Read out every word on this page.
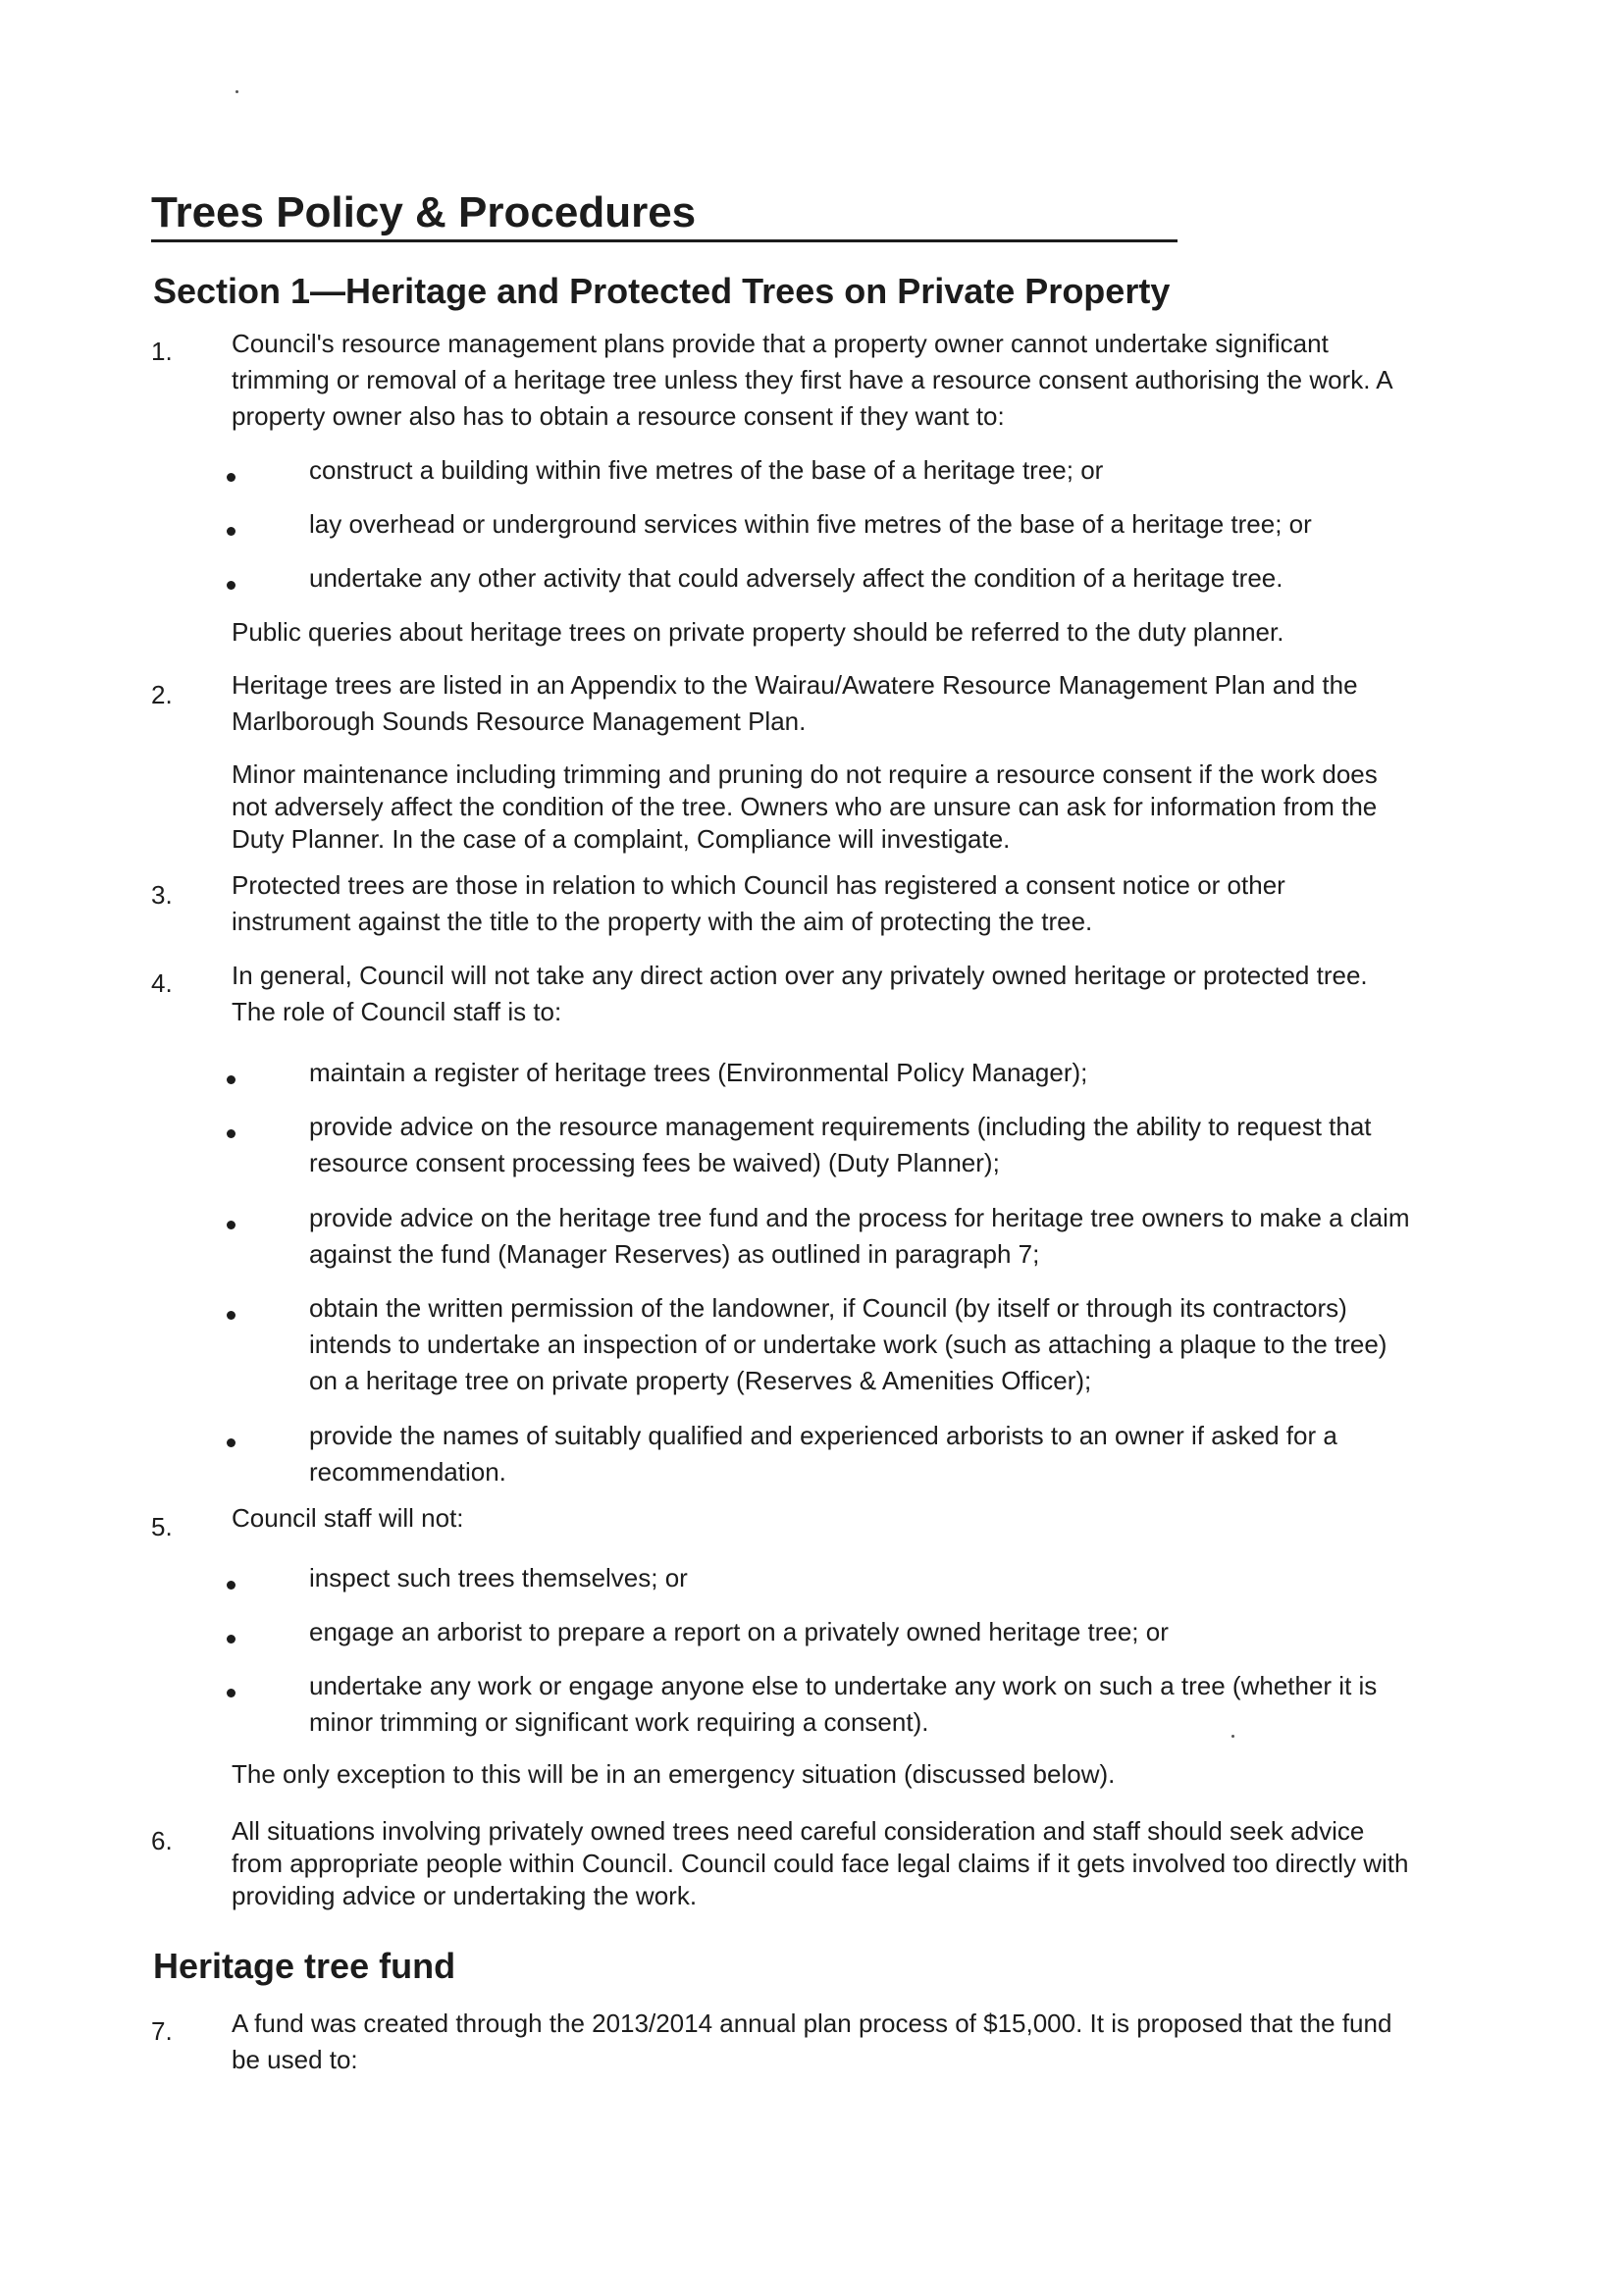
Trees Policy & Procedures
Section 1—Heritage and Protected Trees on Private Property

1. Council's resource management plans provide that a property owner cannot undertake significant trimming or removal of a heritage tree unless they first have a resource consent authorising the work. A property owner also has to obtain a resource consent if they want to:

construct a building within five metres of the base of a heritage tree; or

lay overhead or underground services within five metres of the base of a heritage tree; or

undertake any other activity that could adversely affect the condition of a heritage tree.

Public queries about heritage trees on private property should be referred to the duty planner.

2. Heritage trees are listed in an Appendix to the Wairau/Awatere Resource Management Plan and the Marlborough Sounds Resource Management Plan.

Minor maintenance including trimming and pruning do not require a resource consent if the work does not adversely affect the condition of the tree. Owners who are unsure can ask for information from the Duty Planner. In the case of a complaint, Compliance will investigate.

3. Protected trees are those in relation to which Council has registered a consent notice or other instrument against the title to the property with the aim of protecting the tree.

4. In general, Council will not take any direct action over any privately owned heritage or protected tree. The role of Council staff is to:

maintain a register of heritage trees (Environmental Policy Manager);

provide advice on the resource management requirements (including the ability to request that resource consent processing fees be waived) (Duty Planner);

provide advice on the heritage tree fund and the process for heritage tree owners to make a claim against the fund (Manager Reserves) as outlined in paragraph 7;

obtain the written permission of the landowner, if Council (by itself or through its contractors) intends to undertake an inspection of or undertake work (such as attaching a plaque to the tree) on a heritage tree on private property (Reserves & Amenities Officer);

provide the names of suitably qualified and experienced arborists to an owner if asked for a recommendation.

5. Council staff will not:

inspect such trees themselves; or

engage an arborist to prepare a report on a privately owned heritage tree; or

undertake any work or engage anyone else to undertake any work on such a tree (whether it is minor trimming or significant work requiring a consent).

The only exception to this will be in an emergency situation (discussed below).

6. All situations involving privately owned trees need careful consideration and staff should seek advice from appropriate people within Council. Council could face legal claims if it gets involved too directly with providing advice or undertaking the work.

Heritage tree fund

7. A fund was created through the 2013/2014 annual plan process of $15,000. It is proposed that the fund be used to:
